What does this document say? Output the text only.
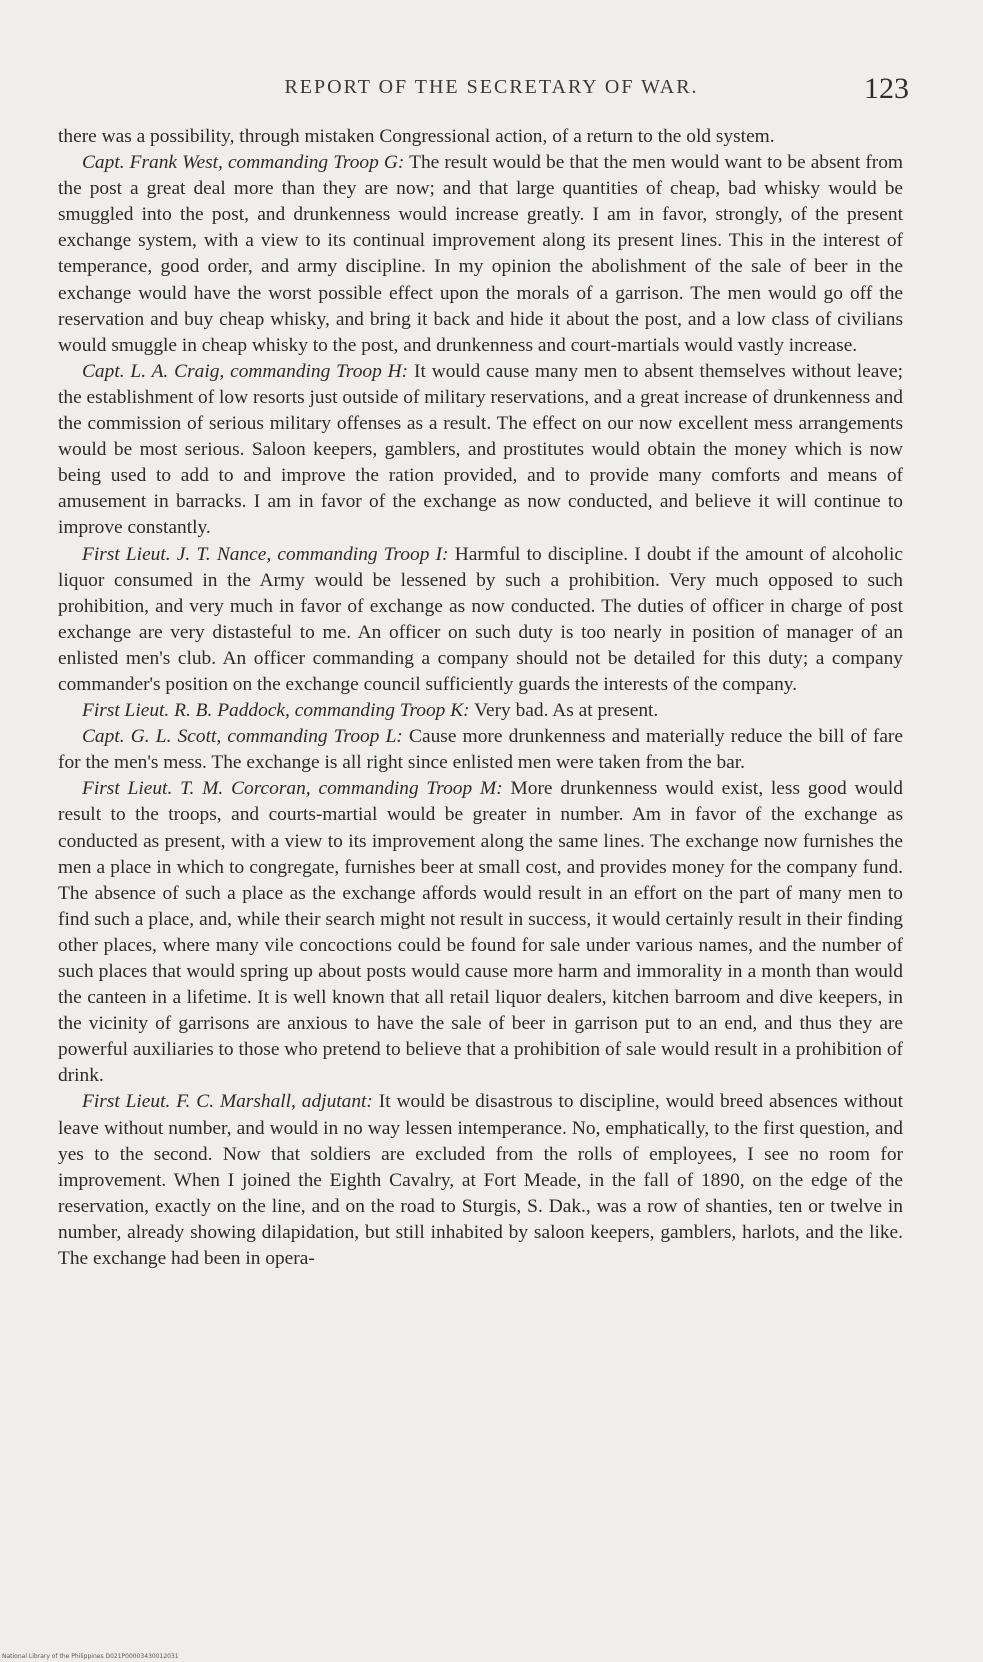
REPORT OF THE SECRETARY OF WAR.	123

there was a possibility, through mistaken Congressional action, of a return to the old system.

Capt. Frank West, commanding Troop G: The result would be that the men would want to be absent from the post a great deal more than they are now; and that large quantities of cheap, bad whisky would be smuggled into the post, and drunkenness would increase greatly. I am in favor, strongly, of the present exchange system, with a view to its continual improvement along its present lines. This in the interest of temperance, good order, and army discipline. In my opinion the abolishment of the sale of beer in the exchange would have the worst possible effect upon the morals of a garrison. The men would go off the reservation and buy cheap whisky, and bring it back and hide it about the post, and a low class of civilians would smuggle in cheap whisky to the post, and drunkenness and court-martials would vastly increase.

Capt. L. A. Craig, commanding Troop H: It would cause many men to absent themselves without leave; the establishment of low resorts just outside of military reservations, and a great increase of drunkenness and the commission of serious military offenses as a result. The effect on our now excellent mess arrangements would be most serious. Saloon keepers, gamblers, and prostitutes would obtain the money which is now being used to add to and improve the ration provided, and to provide many comforts and means of amusement in barracks. I am in favor of the exchange as now conducted, and believe it will continue to improve constantly.

First Lieut. J. T. Nance, commanding Troop I: Harmful to discipline. I doubt if the amount of alcoholic liquor consumed in the Army would be lessened by such a prohibition. Very much opposed to such prohibition, and very much in favor of exchange as now conducted. The duties of officer in charge of post exchange are very distasteful to me. An officer on such duty is too nearly in position of manager of an enlisted men's club. An officer commanding a company should not be detailed for this duty; a company commander's position on the exchange council sufficiently guards the interests of the company.

First Lieut. R. B. Paddock, commanding Troop K: Very bad. As at present.

Capt. G. L. Scott, commanding Troop L: Cause more drunkenness and materially reduce the bill of fare for the men's mess. The exchange is all right since enlisted men were taken from the bar.

First Lieut. T. M. Corcoran, commanding Troop M: More drunkenness would exist, less good would result to the troops, and courts-martial would be greater in number. Am in favor of the exchange as conducted as present, with a view to its improvement along the same lines. The exchange now furnishes the men a place in which to congregate, furnishes beer at small cost, and provides money for the company fund. The absence of such a place as the exchange affords would result in an effort on the part of many men to find such a place, and, while their search might not result in success, it would certainly result in their finding other places, where many vile concoctions could be found for sale under various names, and the number of such places that would spring up about posts would cause more harm and immorality in a month than would the canteen in a lifetime. It is well known that all retail liquor dealers, kitchen barroom and dive keepers, in the vicinity of garrisons are anxious to have the sale of beer in garrison put to an end, and thus they are powerful auxiliaries to those who pretend to believe that a prohibition of sale would result in a prohibition of drink.

First Lieut. F. C. Marshall, adjutant: It would be disastrous to discipline, would breed absences without leave without number, and would in no way lessen intemperance. No, emphatically, to the first question, and yes to the second. Now that soldiers are excluded from the rolls of employees, I see no room for improvement. When I joined the Eighth Cavalry, at Fort Meade, in the fall of 1890, on the edge of the reservation, exactly on the line, and on the road to Sturgis, S. Dak., was a row of shanties, ten or twelve in number, already showing dilapidation, but still inhabited by saloon keepers, gamblers, harlots, and the like. The exchange had been in opera-

National Library of the Philippines D021P00003430012031
